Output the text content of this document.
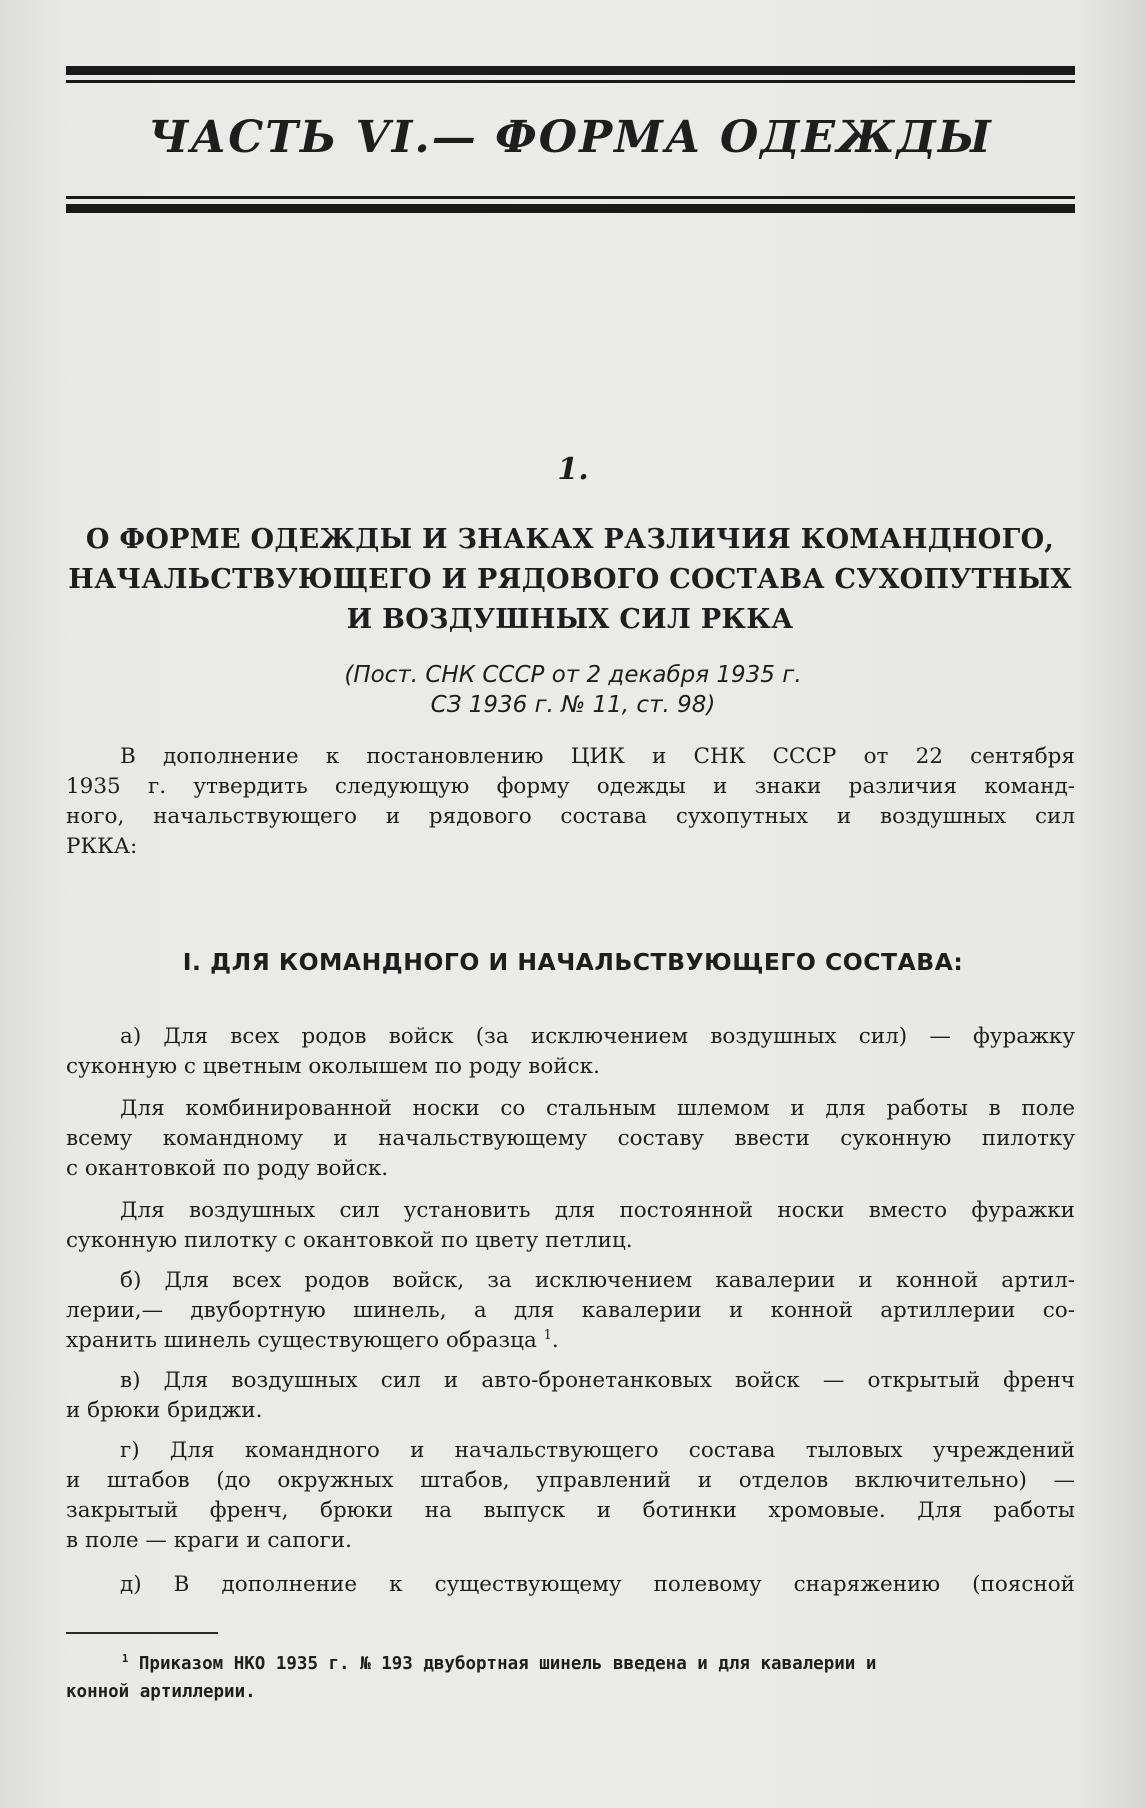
ЧАСТЬ VI.— ФОРМА ОДЕЖДЫ
1.
О ФОРМЕ ОДЕЖДЫ И ЗНАКАХ РАЗЛИЧИЯ КОМАНДНОГО,
НАЧАЛЬСТВУЮЩЕГО И РЯДОВОГО СОСТАВА СУХОПУТНЫХ
И ВОЗДУШНЫХ СИЛ РККА
(Пост. СНК СССР от 2 декабря 1935 г.
СЗ 1936 г. № 11, ст. 98)
В дополнение к постановлению ЦИК и СНК СССР от 22 сентября
1935 г. утвердить следующую форму одежды и знаки различия команд-
ного, начальствующего и рядового состава сухопутных и воздушных сил
РККА:
I. ДЛЯ КОМАНДНОГО И НАЧАЛЬСТВУЮЩЕГО СОСТАВА:
а) Для всех родов войск (за исключением воздушных сил) — фуражку
суконную с цветным околышем по роду войск.
Для комбинированной носки со стальным шлемом и для работы в поле
всему командному и начальствующему составу ввести суконную пилотку
с окантовкой по роду войск.
Для воздушных сил установить для постоянной носки вместо фуражки
суконную пилотку с окантовкой по цвету петлиц.
б) Для всех родов войск, за исключением кавалерии и конной артил-
лерии,— двубортную шинель, а для кавалерии и конной артиллерии со-
хранить шинель существующего образца $^1$.
в) Для воздушных сил и авто-бронетанковых войск — открытый френч
и брюки бриджи.
г) Для командного и начальствующего состава тыловых учреждений
и штабов (до окружных штабов, управлений и отделов включительно) —
закрытый френч, брюки на выпуск и ботинки хромовые. Для работы
в поле — краги и сапоги.
д) В дополнение к существующему полевому снаряжению (поясной
$^1$ Приказом НКО 1935 г. № 193 двубортная шинель введена и для кавалерии и
конной артиллерии.
